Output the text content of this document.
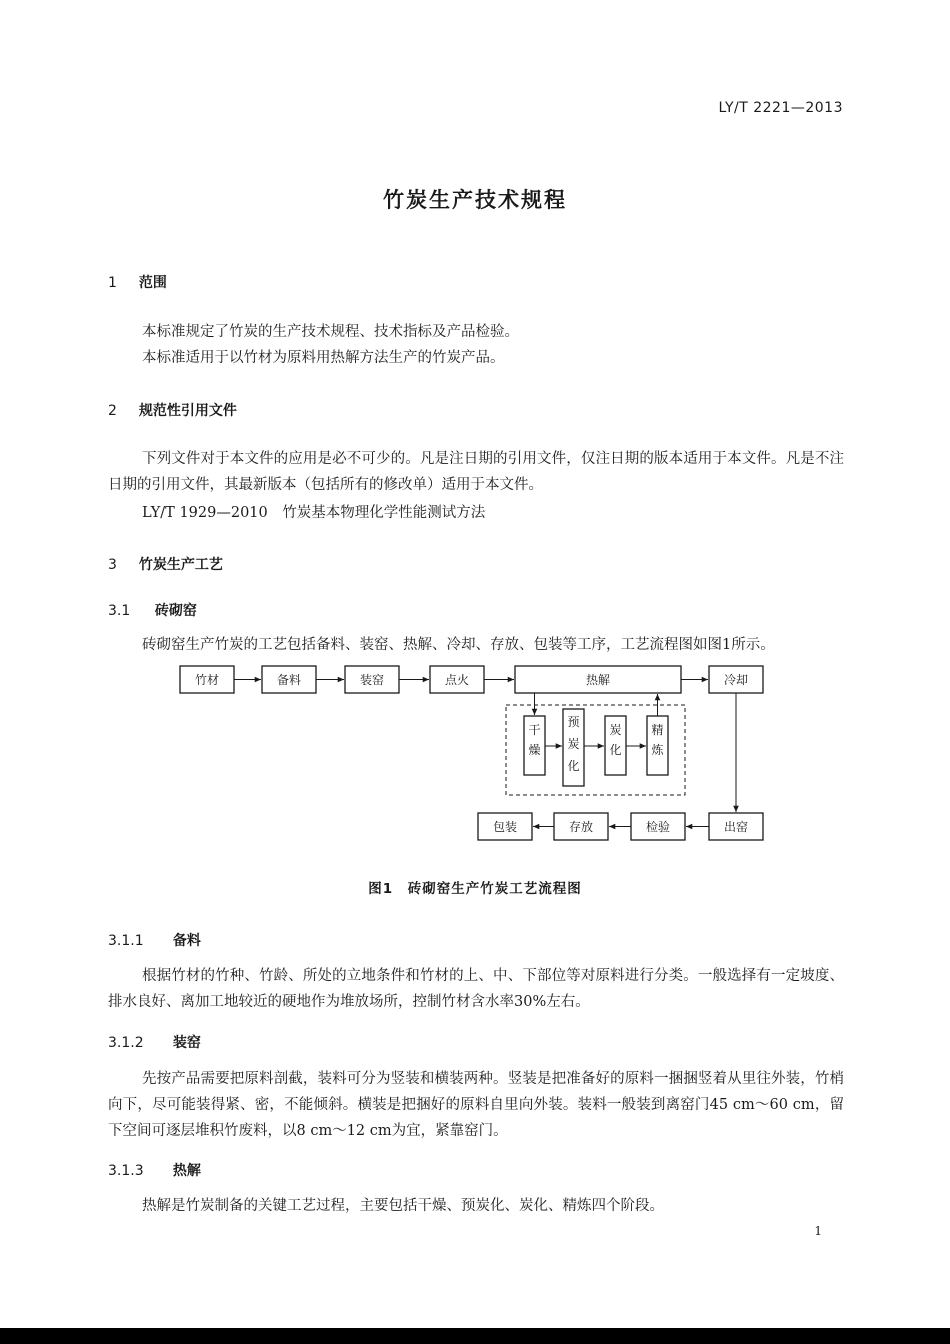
LY/T 2221—2013
竹炭生产技术规程
1 范围
本标准规定了竹炭的生产技术规程、技术指标及产品检验。
本标准适用于以竹材为原料用热解方法生产的竹炭产品。
2 规范性引用文件
下列文件对于本文件的应用是必不可少的。凡是注日期的引用文件，仅注日期的版本适用于本文件。凡是不注日期的引用文件，其最新版本（包括所有的修改单）适用于本文件。
LY/T 1929—2010　竹炭基本物理化学性能测试方法
3 竹炭生产工艺
3.1 砖砌窑
砖砌窑生产竹炭的工艺包括备料、装窑、热解、冷却、存放、包装等工序，工艺流程图如图1所示。
竹材	备料	装窑	点火	热解	冷却
干
燥
预
炭
化
炭
化
精
炼
包装	存放	检验	出窑
图1　砖砌窑生产竹炭工艺流程图
3.1.1 备料
根据竹材的竹种、竹龄、所处的立地条件和竹材的上、中、下部位等对原料进行分类。一般选择有一定坡度、排水良好、离加工地较近的硬地作为堆放场所，控制竹材含水率30%左右。
3.1.2 装窑
先按产品需要把原料剖截，装料可分为竖装和横装两种。竖装是把准备好的原料一捆捆竖着从里往外装，竹梢向下，尽可能装得紧、密，不能倾斜。横装是把捆好的原料自里向外装。装料一般装到离窑门45 cm～60 cm，留下空间可逐层堆积竹废料，以8 cm～12 cm为宜，紧靠窑门。
3.1.3 热解
热解是竹炭制备的关键工艺过程，主要包括干燥、预炭化、炭化、精炼四个阶段。
1
